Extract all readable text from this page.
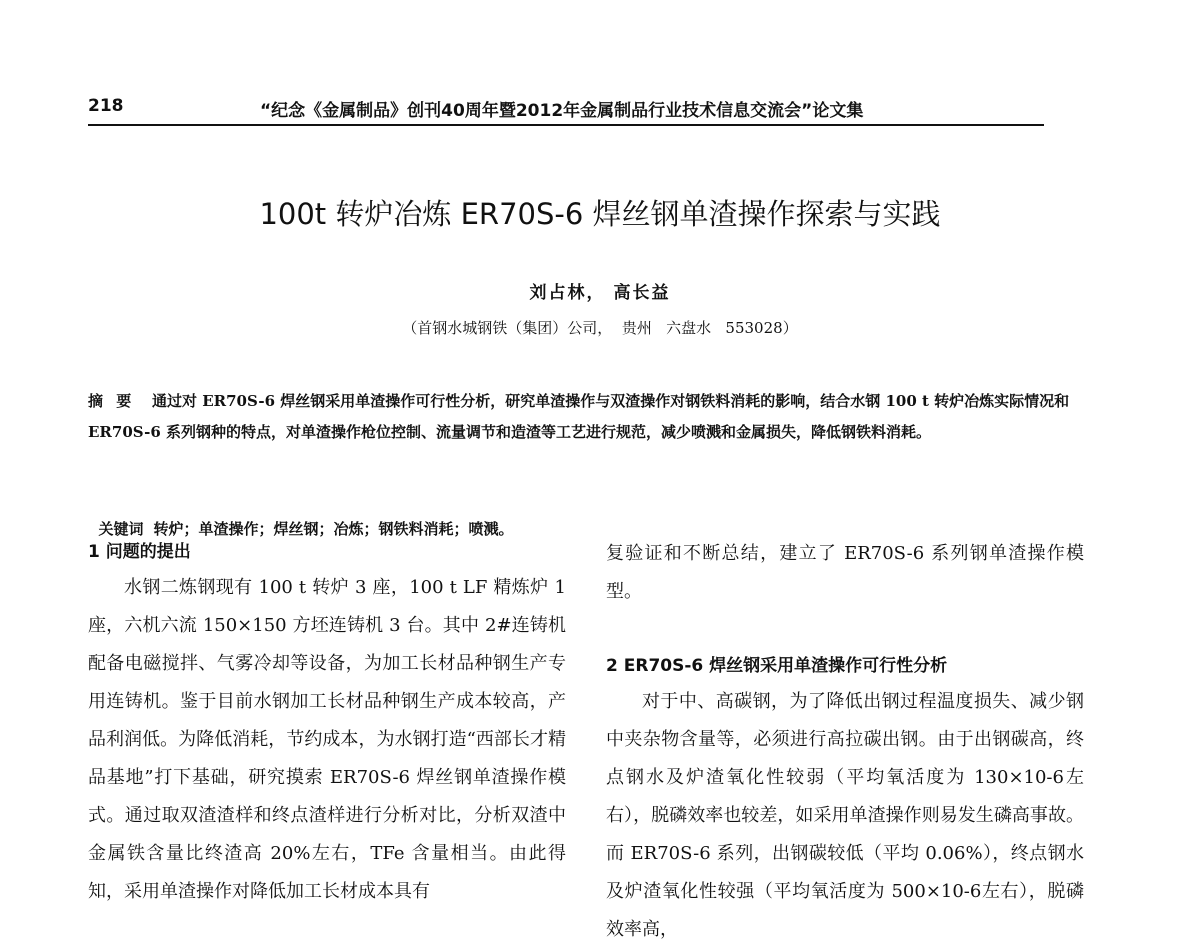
218	“纪念《金属制品》创刊40周年暨2012年金属制品行业技术信息交流会”论文集
100t 转炉冶炼 ER70S-6 焊丝钢单渣操作探索与实践
刘占林， 高长益
（首钢水城钢铁（集团）公司，  贵州   六盘水   553028）
摘 要 通过对 ER70S-6 焊丝钢采用单渣操作可行性分析，研究单渣操作与双渣操作对钢铁料消耗的影响，结合水钢 100 t 转炉冶炼实际情况和 ER70S-6 系列钢种的特点，对单渣操作枪位控制、流量调节和造渣等工艺进行规范，减少喷溅和金属损失，降低钢铁料消耗。

关键词 转炉；单渣操作；焊丝钢；冶炼；钢铁料消耗；喷溅。

1 问题的提出
水钢二炼钢现有 100 t 转炉 3 座，100 t LF 精炼炉 1 座，六机六流 150×150 方坯连铸机 3 台。其中 2#连铸机配备电磁搅拌、气雾冷却等设备，为加工长材品种钢生产专用连铸机。鉴于目前水钢加工长材品种钢生产成本较高，产品利润低。为降低消耗，节约成本，为水钢打造“西部长才精品基地”打下基础，研究摸索 ER70S-6 焊丝钢单渣操作模式。通过取双渣渣样和终点渣样进行分析对比，分析双渣中金属铁含量比终渣高 20%左右，TFe 含量相当。由此得知，采用单渣操作对降低加工长材成本具有
复验证和不断总结，建立了 ER70S-6 系列钢单渣操作模型。
2 ER70S-6 焊丝钢采用单渣操作可行性分析
对于中、高碳钢，为了降低出钢过程温度损失、减少钢中夹杂物含量等，必须进行高拉碳出钢。由于出钢碳高，终点钢水及炉渣氧化性较弱（平均氧活度为 130×10-6左右），脱磷效率也较差，如采用单渣操作则易发生磷高事故。而 ER70S-6 系列，出钢碳较低（平均 0.06%），终点钢水及炉渣氧化性较强（平均氧活度为 500×10-6左右），脱磷效率高，
